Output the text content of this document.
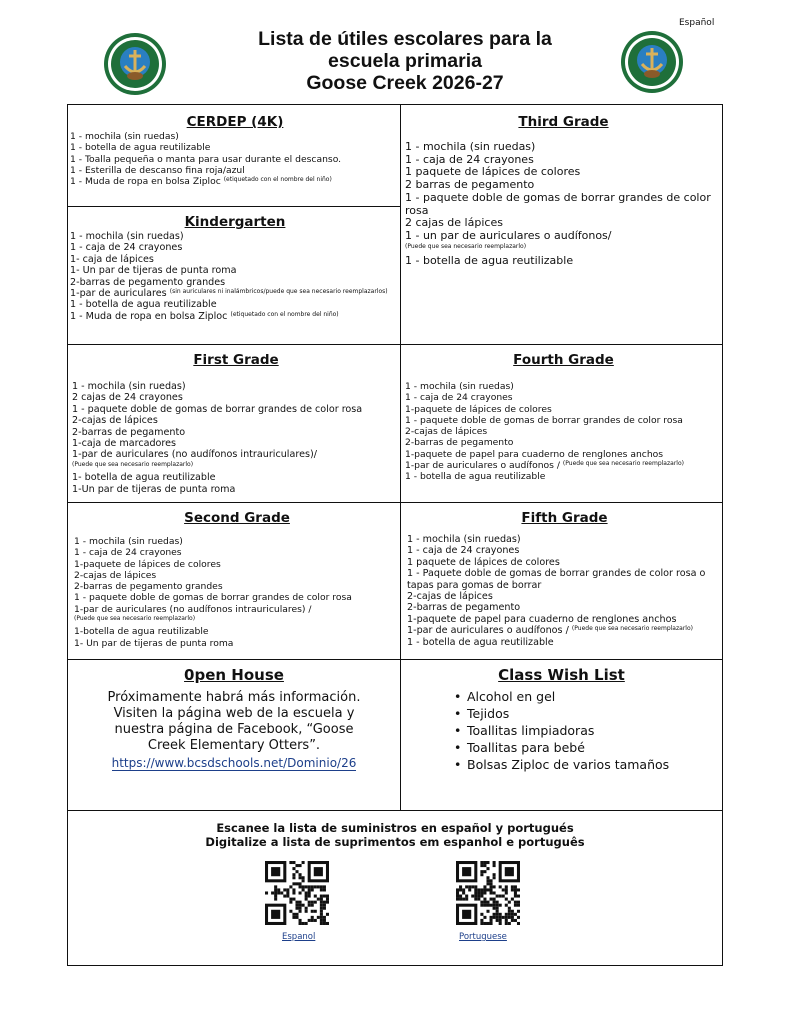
Español
Lista de útiles escolares para la
escuela primaria
Goose Creek 2026-27

CERDEP (4K)

1 - mochila (sin ruedas)
1 - botella de agua reutilizable
1 - Toalla pequeña o manta para usar durante el descanso.
1 - Esterilla de descanso fina roja/azul
1 - Muda de ropa en bolsa Ziploc (etiquetado con el nombre del niño)

Kindergarten

1 - mochila (sin ruedas)
1 - caja de 24 crayones
1- caja de lápices
1- Un par de tijeras de punta roma
2-barras de pegamento grandes
1-par de auriculares (sin auriculares ni inalámbricos/puede que sea necesario reemplazarlos)
1 - botella de agua reutilizable
1 - Muda de ropa en bolsa Ziploc (etiquetado con el nombre del niño)

Third Grade

1 - mochila (sin ruedas)
1 - caja de 24 crayones
1 paquete de lápices de colores
2 barras de pegamento
1 - paquete doble de gomas de borrar grandes de color rosa
2 cajas de lápices
1 - un par de auriculares o audífonos/ (Puede que sea necesario reemplazarlo)
1 - botella de agua reutilizable

First Grade

1 - mochila (sin ruedas)
2 cajas de 24 crayones
1 - paquete doble de gomas de borrar grandes de color rosa
2-cajas de lápices
2-barras de pegamento
1-caja de marcadores
1-par de auriculares (no audífonos intrauriculares)/ (Puede que sea necesario reemplazarlo)
1- botella de agua reutilizable
1-Un par de tijeras de punta roma

Fourth Grade

1 - mochila (sin ruedas)
1 - caja de 24 crayones
1-paquete de lápices de colores
1 - paquete doble de gomas de borrar grandes de color rosa
2-cajas de lápices
2-barras de pegamento
1-paquete de papel para cuaderno de renglones anchos
1-par de auriculares o audífonos / (Puede que sea necesario reemplazarlo)
1 - botella de agua reutilizable

Second Grade

1 - mochila (sin ruedas)
1 - caja de 24 crayones
1-paquete de lápices de colores
2-cajas de lápices
2-barras de pegamento grandes
1 - paquete doble de gomas de borrar grandes de color rosa
1-par de auriculares (no audífonos intrauriculares) / (Puede que sea necesario reemplazarlo)
1-botella de agua reutilizable
1- Un par de tijeras de punta roma

Fifth Grade

1 - mochila (sin ruedas)
1 - caja de 24 crayones
1 paquete de lápices de colores
1 - Paquete doble de gomas de borrar grandes de color rosa o tapas para gomas de borrar
2-cajas de lápices
2-barras de pegamento
1-paquete de papel para cuaderno de renglones anchos
1-par de auriculares o audífonos / (Puede que sea necesario reemplazarlo)
1 - botella de agua reutilizable

0pen House

Próximamente habrá más información. Visiten la página web de la escuela y nuestra página de Facebook, “Goose Creek Elementary Otters”.
https://www.bcsdschools.net/Dominio/26

Class Wish List

• Alcohol en gel
• Tejidos
• Toallitas limpiadoras
• Toallitas para bebé
• Bolsas Ziploc de varios tamaños
Escanee la lista de suministros en español y portugués
Digitalize a lista de suprimentos em espanhol e português
Espanol	Portuguese
